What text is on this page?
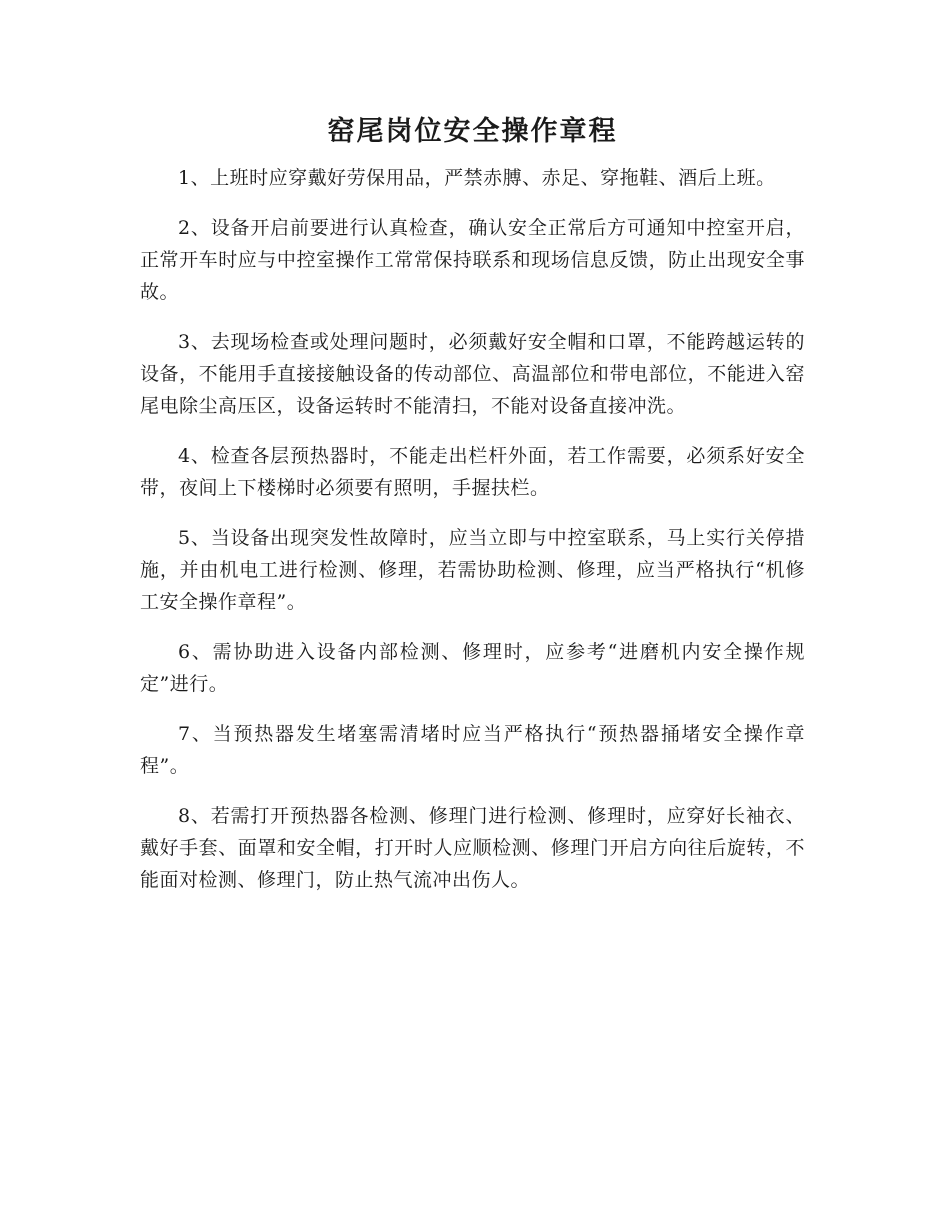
窑尾岗位安全操作章程

1、上班时应穿戴好劳保用品，严禁赤膊、赤足、穿拖鞋、酒后上班。

2、设备开启前要进行认真检查，确认安全正常后方可通知中控室开启，正常开车时应与中控室操作工常常保持联系和现场信息反馈，防止出现安全事故。

3、去现场检查或处理问题时，必须戴好安全帽和口罩，不能跨越运转的设备，不能用手直接接触设备的传动部位、高温部位和带电部位，不能进入窑尾电除尘高压区，设备运转时不能清扫，不能对设备直接冲洗。

4、检查各层预热器时，不能走出栏杆外面，若工作需要，必须系好安全带，夜间上下楼梯时必须要有照明，手握扶栏。

5、当设备出现突发性故障时，应当立即与中控室联系，马上实行关停措施，并由机电工进行检测、修理，若需协助检测、修理，应当严格执行“机修工安全操作章程”。

6、需协助进入设备内部检测、修理时，应参考“进磨机内安全操作规定”进行。

7、当预热器发生堵塞需清堵时应当严格执行“预热器捅堵安全操作章程”。

8、若需打开预热器各检测、修理门进行检测、修理时，应穿好长袖衣、戴好手套、面罩和安全帽，打开时人应顺检测、修理门开启方向往后旋转，不能面对检测、修理门，防止热气流冲出伤人。
